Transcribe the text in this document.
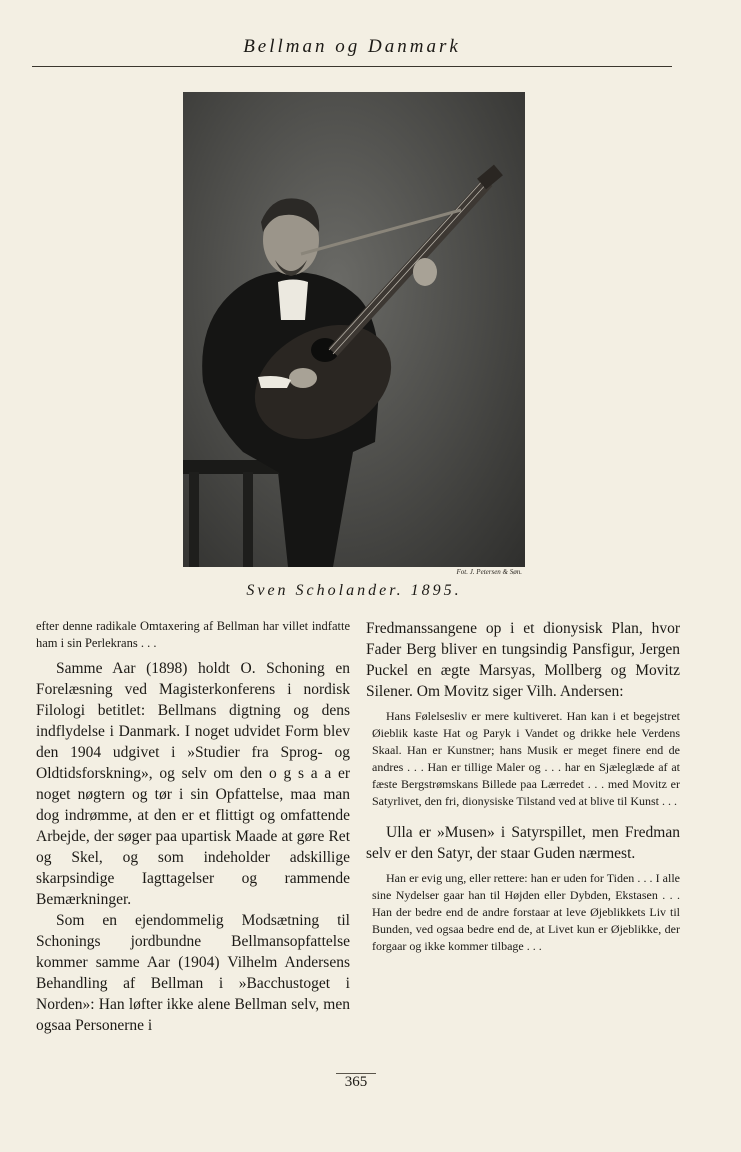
Bellman og Danmark
Fot. J. Petersen & Søn.
Sven Scholander. 1895.

efter denne radikale Omtaxering af Bellman har villet indfatte ham i sin Perlekrans . . .

Samme Aar (1898) holdt O. Schoning en Forelæsning ved Magisterkonferens i nordisk Filologi betitlet: Bellmans digtning og dens indflydelse i Danmark. I noget udvidet Form blev den 1904 udgivet i »Studier fra Sprog- og Oldtidsforskning», og selv om den o g s a a er noget nøgtern og tør i sin Opfattelse, maa man dog indrømme, at den er et flittigt og omfattende Arbejde, der søger paa upartisk Maade at gøre Ret og Skel, og som indeholder adskillige skarpsindige Iagttagelser og rammende Bemærkninger.

Som en ejendommelig Modsætning til Schonings jordbundne Bellmansopfattelse kommer samme Aar (1904) Vilhelm Andersens Behandling af Bellman i »Bacchustoget i Norden»: Han løfter ikke alene Bellman selv, men ogsaa Personerne i

Fredmanssangene op i et dionysisk Plan, hvor Fader Berg bliver en tungsindig Pansfigur, Jergen Puckel en ægte Marsyas, Mollberg og Movitz Silener. Om Movitz siger Vilh. Andersen:

Hans Følelsesliv er mere kultiveret. Han kan i et begejstret Øieblik kaste Hat og Paryk i Vandet og drikke hele Verdens Skaal. Han er Kunstner; hans Musik er meget finere end de andres . . . Han er tillige Maler og . . . har en Sjæleglæde af at fæste Bergstrømskans Billede paa Lærredet . . . med Movitz er Satyrlivet, den fri, dionysiske Tilstand ved at blive til Kunst . . .

Ulla er »Musen» i Satyrspillet, men Fredman selv er den Satyr, der staar Guden nærmest.

Han er evig ung, eller rettere: han er uden for Tiden . . . I alle sine Nydelser gaar han til Højden eller Dybden, Ekstasen . . . Han der bedre end de andre forstaar at leve Øjeblikkets Liv til Bunden, ved ogsaa bedre end de, at Livet kun er Øjeblikke, der forgaar og ikke kommer tilbage . . .

365
